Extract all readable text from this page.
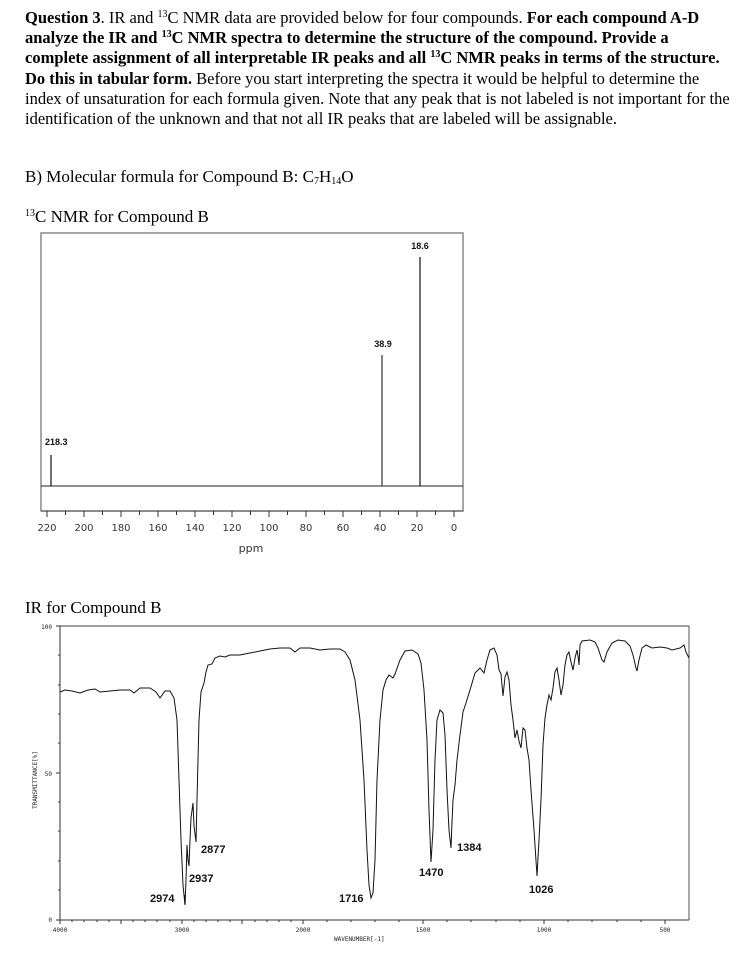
Question 3. IR and $^{13}$C NMR data are provided below for four compounds. For each compound A-D analyze the IR and $^{13}$C NMR spectra to determine the structure of the compound. Provide a complete assignment of all interpretable IR peaks and all $^{13}$C NMR peaks in terms of the structure. Do this in tabular form. Before you start interpreting the spectra it would be helpful to determine the index of unsaturation for each formula given. Note that any peak that is not labeled is not important for the identification of the unknown and that not all IR peaks that are labeled will be assignable.
B) Molecular formula for Compound B: $C_7H_{14}O$
$^{13}$C NMR for Compound B
IR for Compound B
220 200 180 160 140 120 100 80 60 40 20	0
ppm
218.3
38.9
18.6
100
50
0
4000	3000	2000	1500	1000	500
WAVENUMBER[-1]
TRANSMITTANCE[%]
2974
2937
2877
1716
1470
1384
1026
